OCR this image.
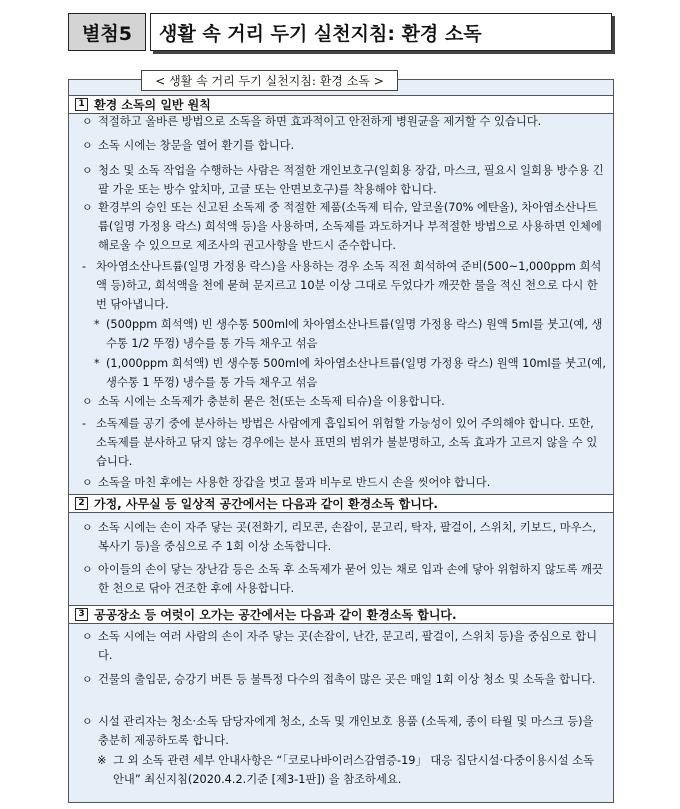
별첨5	생활 속 거리 두기 실천지침: 환경 소독
< 생활 속 거리 두기 실천지침: 환경 소독 >
1 환경 소독의 일반 원칙
ㅇ 적절하고 올바른 방법으로 소독을 하면 효과적이고 안전하게 병원균을 제거할 수 있습니다.
ㅇ 소독 시에는 창문을 열어 환기를 합니다.
ㅇ 청소 및 소독 작업을 수행하는 사람은 적절한 개인보호구(일회용 장갑, 마스크, 필요시 일회용 방수용 긴팔 가운 또는 방수 앞치마, 고글 또는 안면보호구)를 착용해야 합니다.
ㅇ 환경부의 승인 또는 신고된 소독제 중 적절한 제품(소독제 티슈, 알코올(70% 에탄올), 차아염소산나트륨(일명 가정용 락스) 희석액 등)을 사용하며, 소독제를 과도하거나 부적절한 방법으로 사용하면 인체에 해로울 수 있으므로 제조사의 권고사항을 반드시 준수합니다.
- 차아염소산나트륨(일명 가정용 락스)을 사용하는 경우 소독 직전 희석하여 준비(500~1,000ppm 희석액 등)하고, 희석액을 천에 묻혀 문지르고 10분 이상 그대로 두었다가 깨끗한 물을 적신 천으로 다시 한 번 닦아냅니다.
* (500ppm 희석액) 빈 생수통 500ml에 차아염소산나트륨(일명 가정용 락스) 원액 5ml를 붓고(예, 생수통 1/2 뚜껑) 냉수를 통 가득 채우고 섞음
* (1,000ppm 희석액) 빈 생수통 500ml에 차아염소산나트륨(일명 가정용 락스) 원액 10ml를 붓고(예, 생수통 1 뚜껑) 냉수를 통 가득 채우고 섞음
ㅇ 소독 시에는 소독제가 충분히 묻은 천(또는 소독제 티슈)을 이용합니다.
- 소독제를 공기 중에 분사하는 방법은 사람에게 흡입되어 위험할 가능성이 있어 주의해야 합니다. 또한, 소독제를 분사하고 닦지 않는 경우에는 분사 표면의 범위가 불분명하고, 소독 효과가 고르지 않을 수 있습니다.
ㅇ 소독을 마친 후에는 사용한 장갑을 벗고 물과 비누로 반드시 손을 씻어야 합니다.
2 가정, 사무실 등 일상적 공간에서는 다음과 같이 환경소독 합니다.
ㅇ 소독 시에는 손이 자주 닿는 곳(전화기, 리모콘, 손잡이, 문고리, 탁자, 팔걸이, 스위치, 키보드, 마우스, 복사기 등)을 중심으로 주 1회 이상 소독합니다.
ㅇ 아이들의 손이 닿는 장난감 등은 소독 후 소독제가 묻어 있는 채로 입과 손에 닿아 위험하지 않도록 깨끗한 천으로 닦아 건조한 후에 사용합니다.
3 공공장소 등 여럿이 오가는 공간에서는 다음과 같이 환경소독 합니다.
ㅇ 소독 시에는 여러 사람의 손이 자주 닿는 곳(손잡이, 난간, 문고리, 팔걸이, 스위치 등)을 중심으로 합니다.
ㅇ 건물의 출입문, 승강기 버튼 등 불특정 다수의 접촉이 많은 곳은 매일 1회 이상 청소 및 소독을 합니다.
ㅇ 시설 관리자는 청소·소독 담당자에게 청소, 소독 및 개인보호 용품 (소독제, 종이 타월 및 마스크 등)을 충분히 제공하도록 합니다.
※ 그 외 소독 관련 세부 안내사항은 “「코로나바이러스감염증-19」 대응 집단시설·다중이용시설 소독 안내” 최신지침(2020.4.2.기준 [제3-1판]) 을 참조하세요.
